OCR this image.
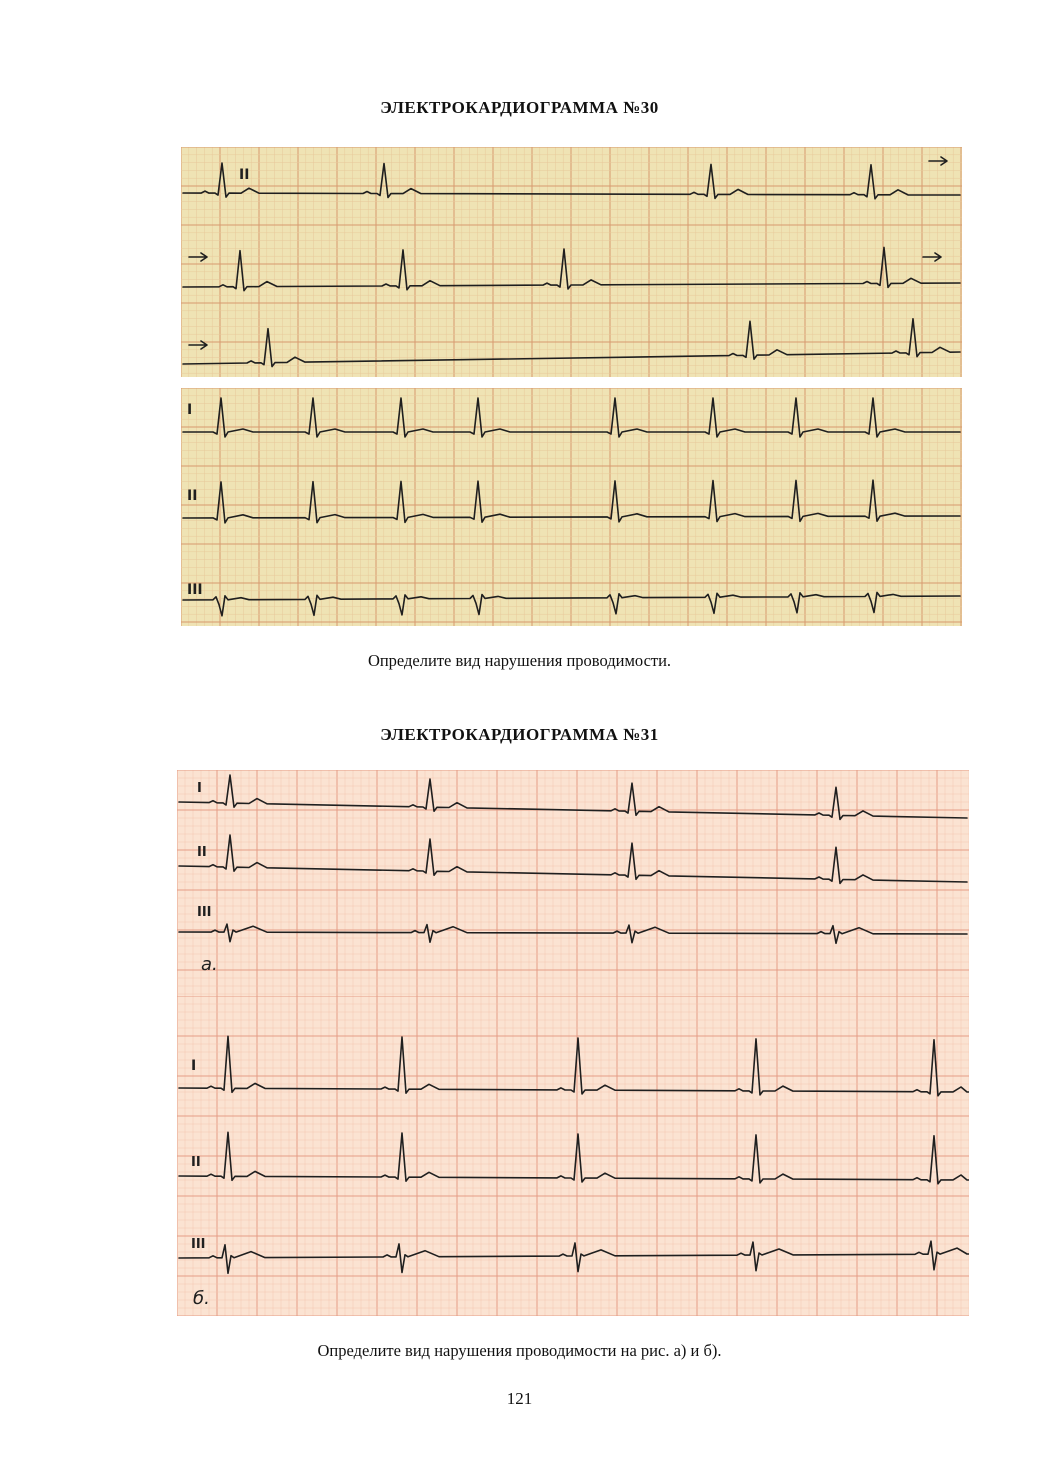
ЭЛЕКТРОКАРДИОГРАММА №30
II
I
II
III
Определите вид нарушения проводимости.
ЭЛЕКТРОКАРДИОГРАММА №31
I
II
III
а.
I
II
III
б.
Определите вид нарушения проводимости на рис. а) и б).
121
